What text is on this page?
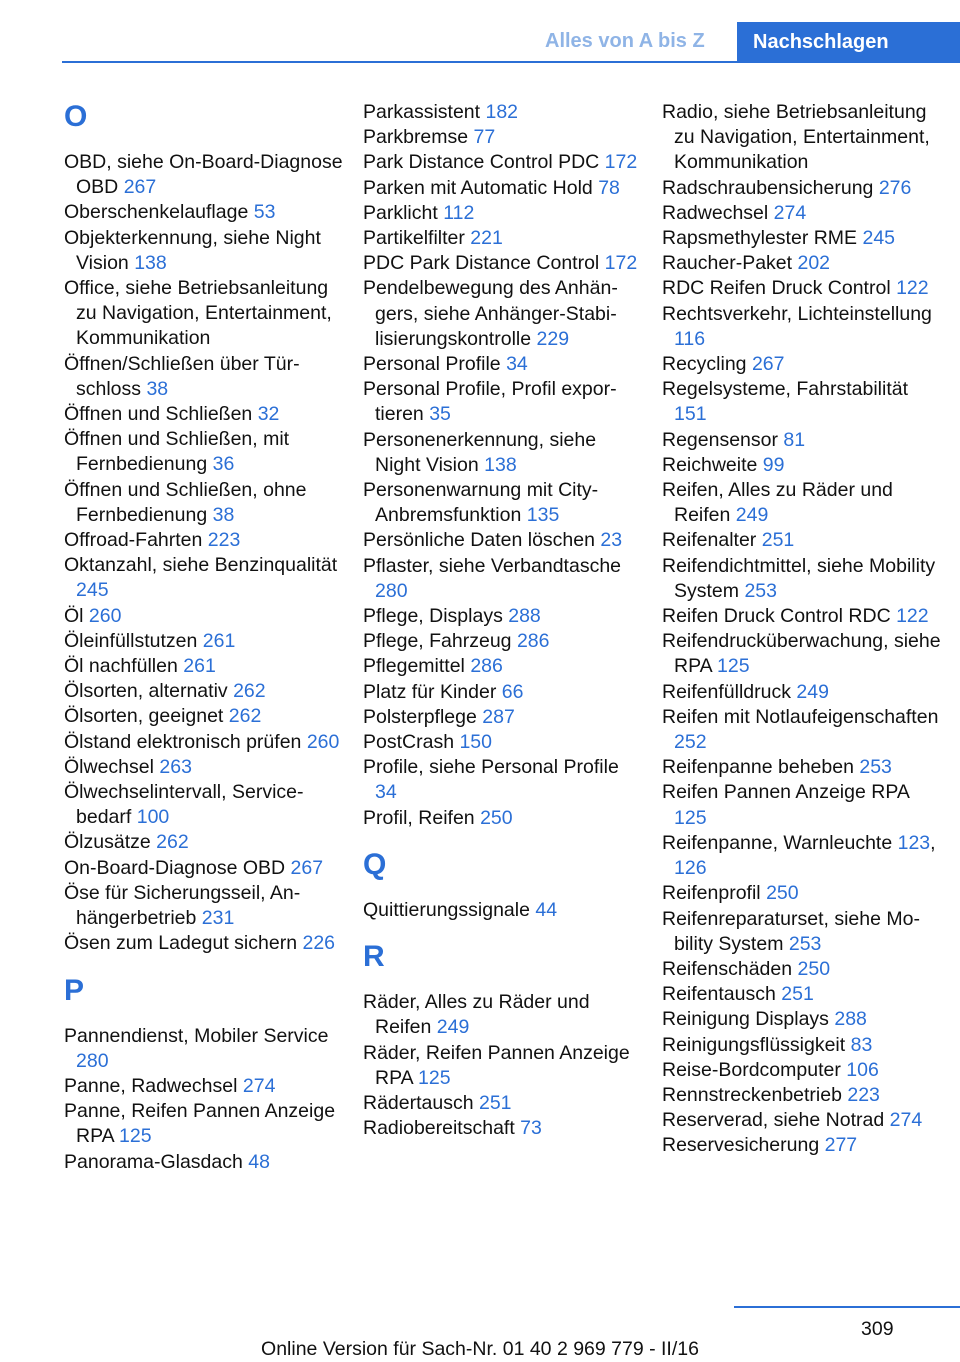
Alles von A bis Z	Nachschlagen
O
OBD, siehe On-Board-Diagnose OBD 267
Oberschenkelauflage 53
Objekterkennung, siehe Night Vision 138
Office, siehe Betriebsanleitung zu Navigation, Entertainment, Kommunikation
Öffnen/Schließen über Türschloss 38
Öffnen und Schließen 32
Öffnen und Schließen, mit Fernbedienung 36
Öffnen und Schließen, ohne Fernbedienung 38
Offroad-Fahrten 223
Oktanzahl, siehe Benzinqualität 245
Öl 260
Öleinfüllstutzen 261
Öl nachfüllen 261
Ölsorten, alternativ 262
Ölsorten, geeignet 262
Ölstand elektronisch prüfen 260
Ölwechsel 263
Ölwechselintervall, Servicebedarf 100
Ölzusätze 262
On-Board-Diagnose OBD 267
Öse für Sicherungsseil, Anhängerbetrieb 231
Ösen zum Ladegut sichern 226
P
Pannendienst, Mobiler Service 280
Panne, Radwechsel 274
Panne, Reifen Pannen Anzeige RPA 125
Panorama-Glasdach 48
Parkassistent 182
Parkbremse 77
Park Distance Control PDC 172
Parken mit Automatic Hold 78
Parklicht 112
Partikelfilter 221
PDC Park Distance Control 172
Pendelbewegung des Anhängers, siehe Anhänger-Stabilisierungskontrolle 229
Personal Profile 34
Personal Profile, Profil exportieren 35
Personenerkennung, siehe Night Vision 138
Personenwarnung mit City-Anbremsfunktion 135
Persönliche Daten löschen 23
Pflaster, siehe Verbandtasche 280
Pflege, Displays 288
Pflege, Fahrzeug 286
Pflegemittel 286
Platz für Kinder 66
Polsterpflege 287
PostCrash 150
Profile, siehe Personal Profile 34
Profil, Reifen 250
Q
Quittierungssignale 44
R
Räder, Alles zu Räder und Reifen 249
Räder, Reifen Pannen Anzeige RPA 125
Rädertausch 251
Radiobereitschaft 73
Radio, siehe Betriebsanleitung zu Navigation, Entertainment, Kommunikation
Radschraubensicherung 276
Radwechsel 274
Rapsmethylester RME 245
Raucher-Paket 202
RDC Reifen Druck Control 122
Rechtsverkehr, Lichteinstellung 116
Recycling 267
Regelsysteme, Fahrstabilität 151
Regensensor 81
Reichweite 99
Reifen, Alles zu Räder und Reifen 249
Reifenalter 251
Reifendichtmittel, siehe Mobility System 253
Reifen Druck Control RDC 122
Reifendrucküberwachung, siehe RPA 125
Reifenfülldruck 249
Reifen mit Notlaufeigenschaften 252
Reifenpanne beheben 253
Reifen Pannen Anzeige RPA 125
Reifenpanne, Warnleuchte 123, 126
Reifenprofil 250
Reifenreparaturset, siehe Mobility System 253
Reifenschäden 250
Reifentausch 251
Reinigung Displays 288
Reinigungsflüssigkeit 83
Reise-Bordcomputer 106
Rennstreckenbetrieb 223
Reserverad, siehe Notrad 274
Reservesicherung 277
309
Online Version für Sach-Nr. 01 40 2 969 779 - II/16
